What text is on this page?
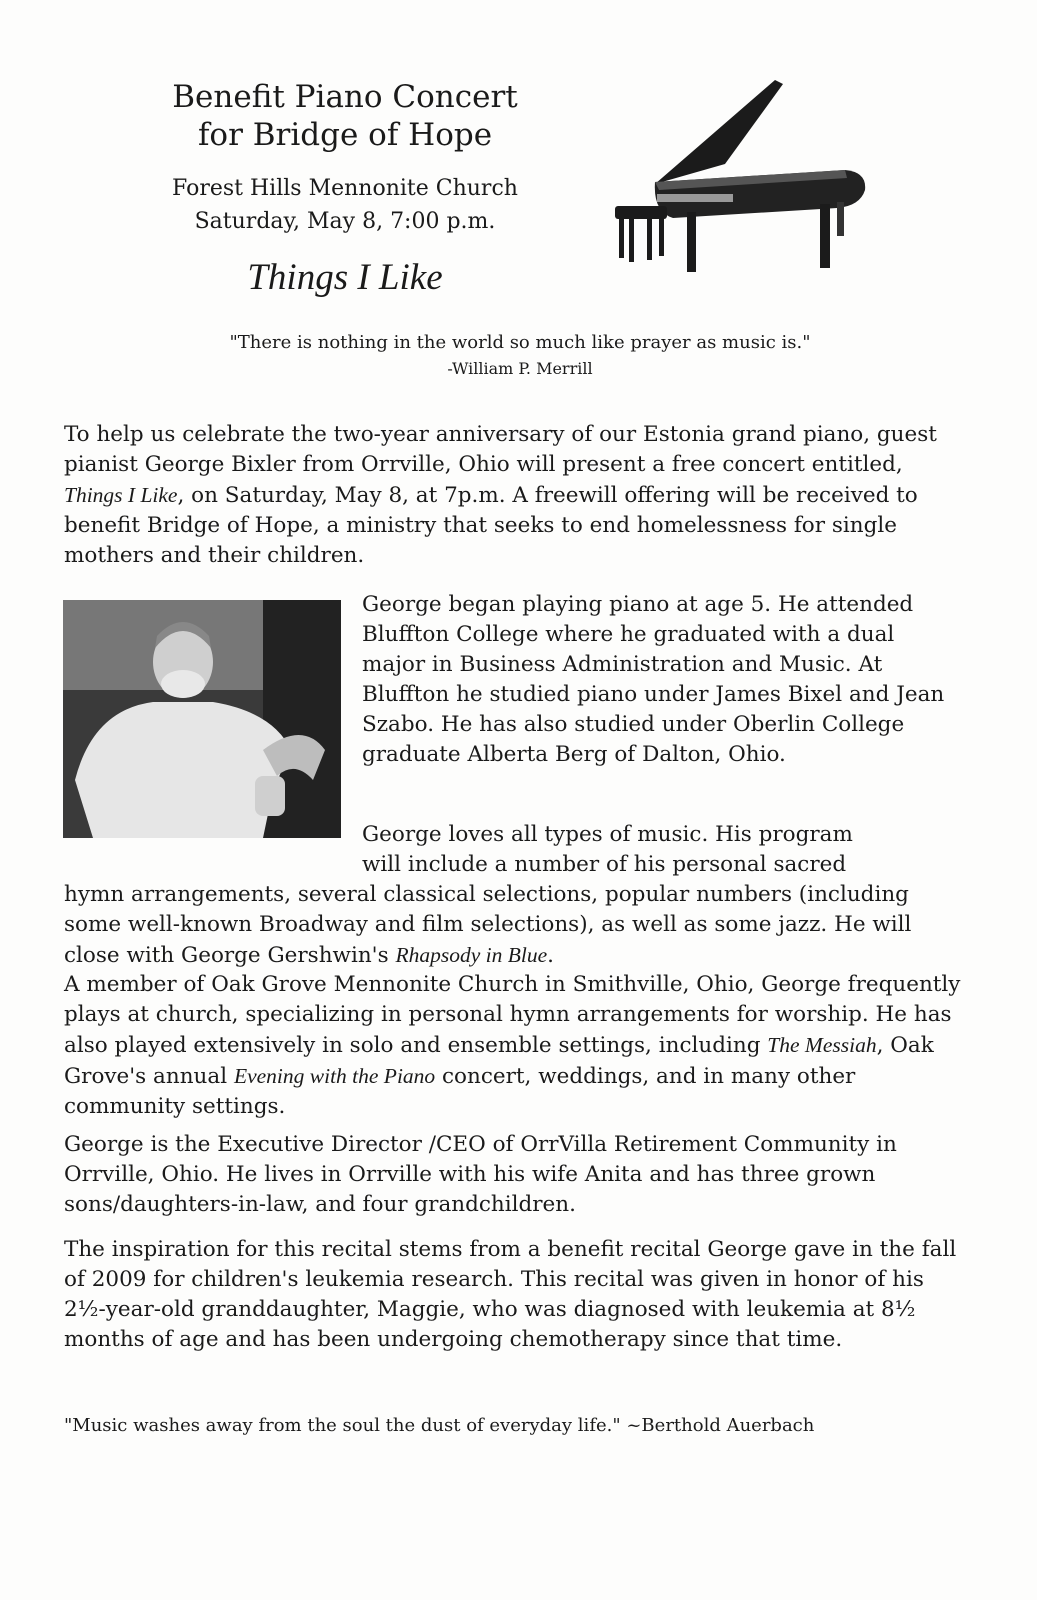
Benefit Piano Concert
for Bridge of Hope
Forest Hills Mennonite Church
Saturday, May 8, 7:00 p.m.
Things I Like
"There is nothing in the world so much like prayer as music is."
-William P. Merrill

To help us celebrate the two-year anniversary of our Estonia grand piano, guest pianist George Bixler from Orrville, Ohio will present a free concert entitled, Things I Like, on Saturday, May 8, at 7p.m. A freewill offering will be received to benefit Bridge of Hope, a ministry that seeks to end homelessness for single mothers and their children.

George began playing piano at age 5. He attended Bluffton College where he graduated with a dual major in Business Administration and Music. At Bluffton he studied piano under James Bixel and Jean Szabo. He has also studied under Oberlin College graduate Alberta Berg of Dalton, Ohio.

George loves all types of music. His program
will include a number of his personal sacred
hymn arrangements, several classical selections, popular numbers (including some well-known Broadway and film selections), as well as some jazz. He will close with George Gershwin's Rhapsody in Blue.

A member of Oak Grove Mennonite Church in Smithville, Ohio, George frequently plays at church, specializing in personal hymn arrangements for worship. He has also played extensively in solo and ensemble settings, including The Messiah, Oak Grove's annual Evening with the Piano concert, weddings, and in many other community settings.

George is the Executive Director /CEO of OrrVilla Retirement Community in Orrville, Ohio. He lives in Orrville with his wife Anita and has three grown sons/daughters-in-law, and four grandchildren.

The inspiration for this recital stems from a benefit recital George gave in the fall of 2009 for children's leukemia research. This recital was given in honor of his 2½-year-old granddaughter, Maggie, who was diagnosed with leukemia at 8½ months of age and has been undergoing chemotherapy since that time.

"Music washes away from the soul the dust of everyday life." ~Berthold Auerbach
